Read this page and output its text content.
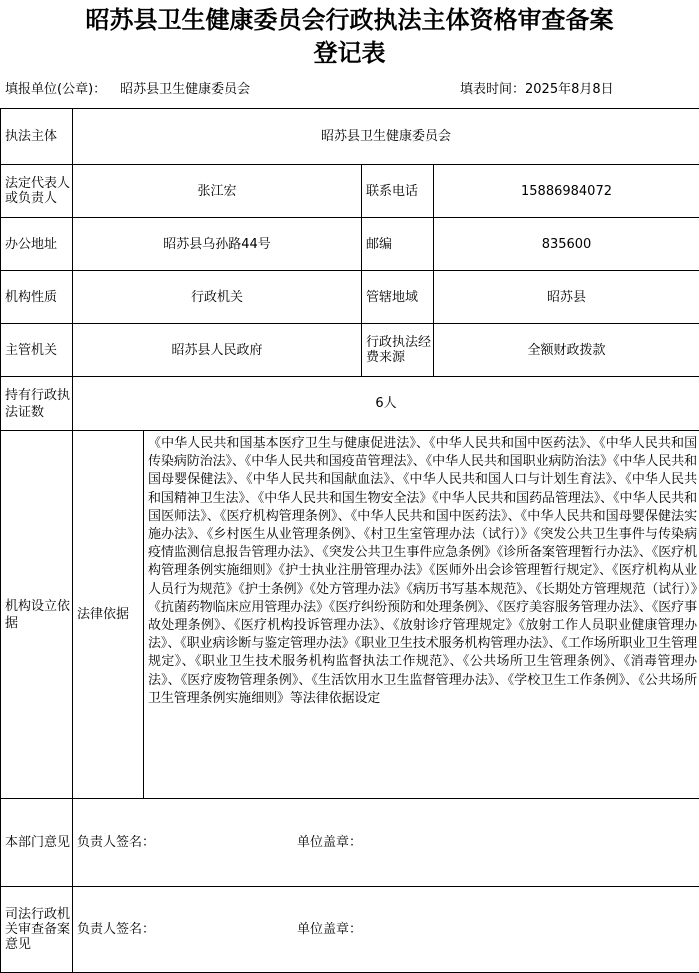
昭苏县卫生健康委员会行政执法主体资格审查备案
登记表
填报单位(公章)： 昭苏县卫生健康委员会	填表时间：2025年8月8日
执法主体	昭苏县卫生健康委员会			
法定代表人或负责人	张江宏		联系电话	15886984072
办公地址	昭苏县乌孙路44号		邮编	835600
机构性质	行政机关		管辖地域	昭苏县
主管机关	昭苏县人民政府		行政执法经费来源	全额财政拨款
持有行政执法证数	6人			
机构设立依据	法律依据	《中华人民共和国基本医疗卫生与健康促进法》、《中华人民共和国中医药法》、《中华人民共和国传染病防治法》、《中华人民共和国疫苗管理法》、《中华人民共和国职业病防治法》《中华人民共和国母婴保健法》、《中华人民共和国献血法》、《中华人民共和国人口与计划生育法》、《中华人民共和国精神卫生法》、《中华人民共和国生物安全法》《中华人民共和国药品管理法》、《中华人民共和国医师法》、《医疗机构管理条例》、《中华人民共和国中医药法》、《中华人民共和国母婴保健法实施办法》、《乡村医生从业管理条例》、《村卫生室管理办法（试行）》《突发公共卫生事件与传染病疫情监测信息报告管理办法》、《突发公共卫生事件应急条例》《诊所备案管理暂行办法》、《医疗机构管理条例实施细则》《护士执业注册管理办法》《医师外出会诊管理暂行规定》、《医疗机构从业人员行为规范》《护士条例》《处方管理办法》《病历书写基本规范》、《长期处方管理规范（试行）》《抗菌药物临床应用管理办法》《医疗纠纷预防和处理条例》、《医疗美容服务管理办法》、《医疗事故处理条例》、《医疗机构投诉管理办法》、《放射诊疗管理规定》《放射工作人员职业健康管理办法》、《职业病诊断与鉴定管理办法》《职业卫生技术服务机构管理办法》、《工作场所职业卫生管理规定》、《职业卫生技术服务机构监督执法工作规范》、《公共场所卫生管理条例》、《消毒管理办法》、《医疗废物管理条例》、《生活饮用水卫生监督管理办法》、《学校卫生工作条例》、《公共场所卫生管理条例实施细则》等法律依据设定		
本部门意见	负责人签名： 单位盖章：			
司法行政机关审查备案意见	负责人签名： 单位盖章：			
